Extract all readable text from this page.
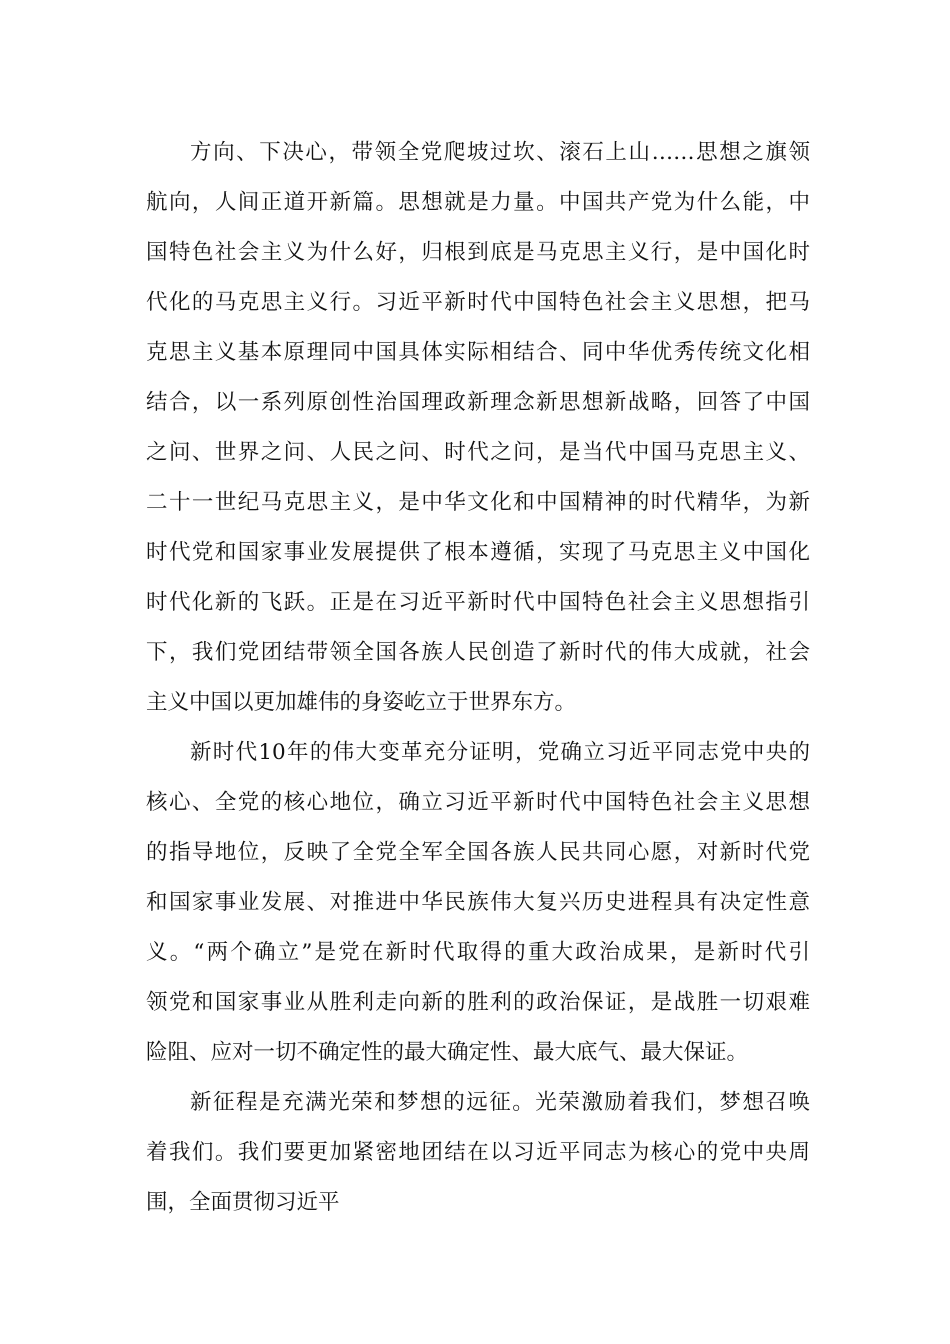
方向、下决心，带领全党爬坡过坎、滚石上山……思想之旗领
航向，人间正道开新篇。思想就是力量。中国共产党为什么能，中
国特色社会主义为什么好，归根到底是马克思主义行，是中国化时
代化的马克思主义行。习近平新时代中国特色社会主义思想，把马
克思主义基本原理同中国具体实际相结合、同中华优秀传统文化相
结合，以一系列原创性治国理政新理念新思想新战略，回答了中国
之问、世界之问、人民之问、时代之问，是当代中国马克思主义、
二十一世纪马克思主义，是中华文化和中国精神的时代精华，为新
时代党和国家事业发展提供了根本遵循，实现了马克思主义中国化
时代化新的飞跃。正是在习近平新时代中国特色社会主义思想指引
下，我们党团结带领全国各族人民创造了新时代的伟大成就，社会
主义中国以更加雄伟的身姿屹立于世界东方。
新时代10年的伟大变革充分证明，党确立习近平同志党中央的
核心、全党的核心地位，确立习近平新时代中国特色社会主义思想
的指导地位，反映了全党全军全国各族人民共同心愿，对新时代党
和国家事业发展、对推进中华民族伟大复兴历史进程具有决定性意
义。“两个确立”是党在新时代取得的重大政治成果，是新时代引
领党和国家事业从胜利走向新的胜利的政治保证，是战胜一切艰难
险阻、应对一切不确定性的最大确定性、最大底气、最大保证。
新征程是充满光荣和梦想的远征。光荣激励着我们，梦想召唤
着我们。我们要更加紧密地团结在以习近平同志为核心的党中央周
围，全面贯彻习近平
